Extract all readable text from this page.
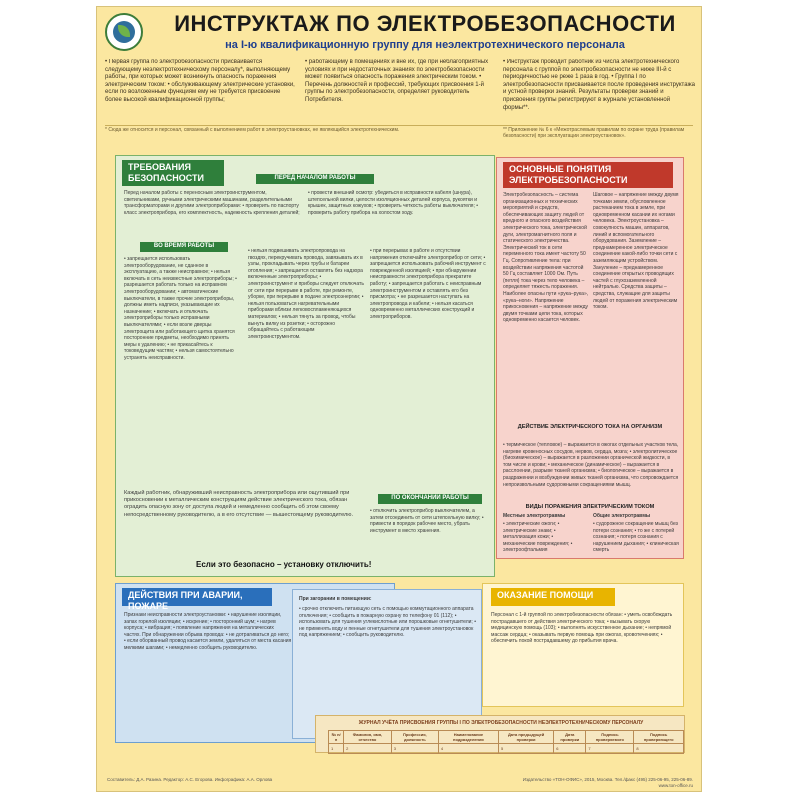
ИНСТРУКТАЖ ПО ЭЛЕКТРОБЕЗОПАСНОСТИ
на I-ю квалификационную группу для неэлектротехнического персонала
• Первая группа по электробезопасности присваивается следующему неэлектротехническому персоналу*, выполняющему работы, при которых может возникнуть опасность поражения электрическим током: • обслуживающему электрические установки, если по возложенным функциям ему не требуется присвоение более высокой квалификационной группы;
• работающему в помещениях и вне их, где при неблагоприятных условиях и при недостаточных знаниях по электробезопасности может появиться опасность поражения электрическим током. • Перечень должностей и профессий, требующих присвоения 1-й группы по электробезопасности, определяет руководитель Потребителя.
• Инструктаж проводит работник из числа электротехнического персонала с группой по электробезопасности не ниже III-й с периодичностью не реже 1 раза в год. • Группа I по электробезопасности присваивается после проведения инструктажа и устной проверки знаний. Результаты проверки знаний и присвоения группы регистрируют в журнале установленной формы**.
* Сюда же относится и персонал, связанный с выполнением работ в электроустановках, не являющийся электротехническим.	** Приложение № 6 к «Межотраслевым правилам по охране труда (правилам безопасности) при эксплуатации электроустановок».
ТРЕБОВАНИЯ БЕЗОПАСНОСТИ	ПЕРЕД НАЧАЛОМ РАБОТЫ
Перед началом работы с переносным электроинструментом, светильниками, ручными электрическими машинами, разделительными трансформаторами и другими электроприборами: • проверить по паспорту класс электроприбора, его комплектность, надежность крепления деталей;
• провести внешний осмотр: убедиться в исправности кабеля (шнура), штепсельной вилки, целости изоляционных деталей корпуса, рукоятки и крышек, защитных кожухов; • проверить четкость работы выключателя; • проверить работу прибора на холостом ходу.
ВО ВРЕМЯ РАБОТЫ
• запрещается использовать электрооборудование, не сданное в эксплуатацию, а также неисправное; • нельзя включать в сеть неизвестные электроприборы; • разрешается работать только на исправном электрооборудовании; • автоматические выключатели, в также прочие электроприборы, должны иметь надписи, указывающие их назначение; • включать и отключать электроприборы только исправными выключателями; • если возле дверцы электрощита или работающего щитка хранятся посторонние предметы, необходимо принять меры к удалению; • не прикасайтесь к токоведущим частям; • нельзя самостоятельно устранять неисправности.
• нельзя подвешивать электропровода на гвоздях, перекручивать провода, завязывать их в узлы, прокладывать через трубы и батареи отопления; • запрещается оставлять без надзора включенные электроприборы; • электроинструмент и приборы следует отключать от сети при перерыве в работе, при ремонте, уборке, при перерыве в подаче электроэнергии; • нельзя пользоваться нагревательными приборами вблизи легковоспламеняющихся материалов; • нельзя тянуть за провод, чтобы вынуть вилку из розетки; • осторожно обращайтесь с работающим электроинструментом.
• при перерывах в работе и отсутствии напряжения отключайте электроприбор от сети; • запрещается использовать рабочий инструмент с поврежденной изоляцией; • при обнаружении неисправности электроприбора прекратите работу; • запрещается работать с неисправным электроинструментом и оставлять его без присмотра; • не разрешается наступать на электропровода и кабели; • нельзя касаться одновременно металлических конструкций и электроприборов.
Каждый работник, обнаруживший неисправность электроприбора или ощутивший при прикосновении к металлическим конструкциям действие электрического тока, обязан оградить опасную зону от доступа людей и немедленно сообщить об этом своему непосредственному руководителю, а в его отсутствие — вышестоящему руководителю.
Если это безопасно – установку отключить!
ПО ОКОНЧАНИИ РАБОТЫ
• отключить электроприбор выключателем, а затем отсоединить от сети штепсельную вилку; • привести в порядок рабочее место, убрать инструмент в место хранения.
ОСНОВНЫЕ ПОНЯТИЯ ЭЛЕКТРОБЕЗОПАСНОСТИ
Электробезопасность – система организационных и технических мероприятий и средств, обеспечивающих защиту людей от вредного и опасного воздействия электрического тока, электрической дуги, электромагнитного поля и статического электричества. Электрический ток в сети переменного тока имеет частоту 50 Гц. Сопротивление тела: при воздействии напряжения частотой 50 Гц составляет 1000 Ом. Путь (петля) тока через тело человека – определяет тяжесть поражения. Наиболее опасны пути «рука–рука», «рука–ноги». Напряжение прикосновения – напряжение между двумя точками цепи тока, которых одновременно касается человек.
Шаговое – напряжение между двумя точками земли, обусловленное растеканием тока в земле, при одновременном касании их ногами человека. Электроустановка – совокупность машин, аппаратов, линий и вспомогательного оборудования. Заземление – преднамеренное электрическое соединение какой-либо точки сети с заземляющим устройством. Зануление – преднамеренное соединение открытых проводящих частей с глухозаземленной нейтралью. Средства защиты – средства, служащие для защиты людей от поражения электрическим током.
ДЕЙСТВИЕ ЭЛЕКТРИЧЕСКОГО ТОКА НА ОРГАНИЗМ
• термическое (тепловое) – выражается в ожогах отдельных участков тела, нагреве кровеносных сосудов, нервов, сердца, мозга; • электролитическое (биохимическое) – выражается в разложении органической жидкости, в том числе и крови; • механическое (динамическое) – выражается в расслоении, разрыве тканей организма; • биологическое – выражается в раздражении и возбуждении живых тканей организма, что сопровождается непроизвольными судорожными сокращениями мышц.
ВИДЫ ПОРАЖЕНИЯ ЭЛЕКТРИЧЕСКИМ ТОКОМ
Местные электротравмы
• электрические ожоги; • электрические знаки; • металлизация кожи; • механические повреждения; • электроофтальмия
Общие электротравмы
• судорожное сокращение мышц без потери сознания; • то же с потерей сознания; • потеря сознания с нарушением дыхания; • клиническая смерть
ДЕЙСТВИЯ ПРИ АВАРИИ, ПОЖАРЕ
Признаки неисправности электроустановки: • нарушение изоляции, запах горелой изоляции; • искрение; • посторонний шум; • нагрев корпуса; • вибрация; • появление напряжения на металлических частях. При обнаружении обрыва провода: • не дотрагиваться до него; • если оборванный провод касается земли, удаляться от места касания мелкими шагами; • немедленно сообщить руководителю.
При загорании в помещении:
• срочно отключить питающую сеть с помощью коммутационного аппарата отключения; • сообщить в пожарную охрану по телефону 01 (112); • использовать для тушения углекислотные или порошковые огнетушители; • не применять воду и пенные огнетушители для тушения электроустановок под напряжением; • сообщить руководителю.
ОКАЗАНИЕ ПОМОЩИ
Персонал с 1-й группой по электробезопасности обязан: • уметь освобождать пострадавшего от действия электрического тока; • вызывать скорую медицинскую помощь (103); • выполнять искусственное дыхание; • непрямой массаж сердца; • оказывать первую помощь при ожогах, кровотечениях; • обеспечить покой пострадавшему до прибытия врача.
ЖУРНАЛ УЧЁТА ПРИСВОЕНИЯ ГРУППЫ I ПО ЭЛЕКТРОБЕЗОПАСНОСТИ НЕЭЛЕКТРОТЕХНИЧЕСКОМУ ПЕРСОНАЛУ
№ п/п	Фамилия, имя, отчество	Профессия, должность	Наименование подразделения	Дата предыдущей проверки	Дата проверки	Подпись проверяемого	Подпись проверяющего
1	2	3	4	5	6	7	8
Составитель: Д.А. Разина. Редактор: А.С. Егорова. Инфографика: А.А. Орлова	Издательство «ТОН-ОФИС», 2015, Москва. Тел./факс (495) 225-06-95, 225-06-89. www.ton-office.ru
